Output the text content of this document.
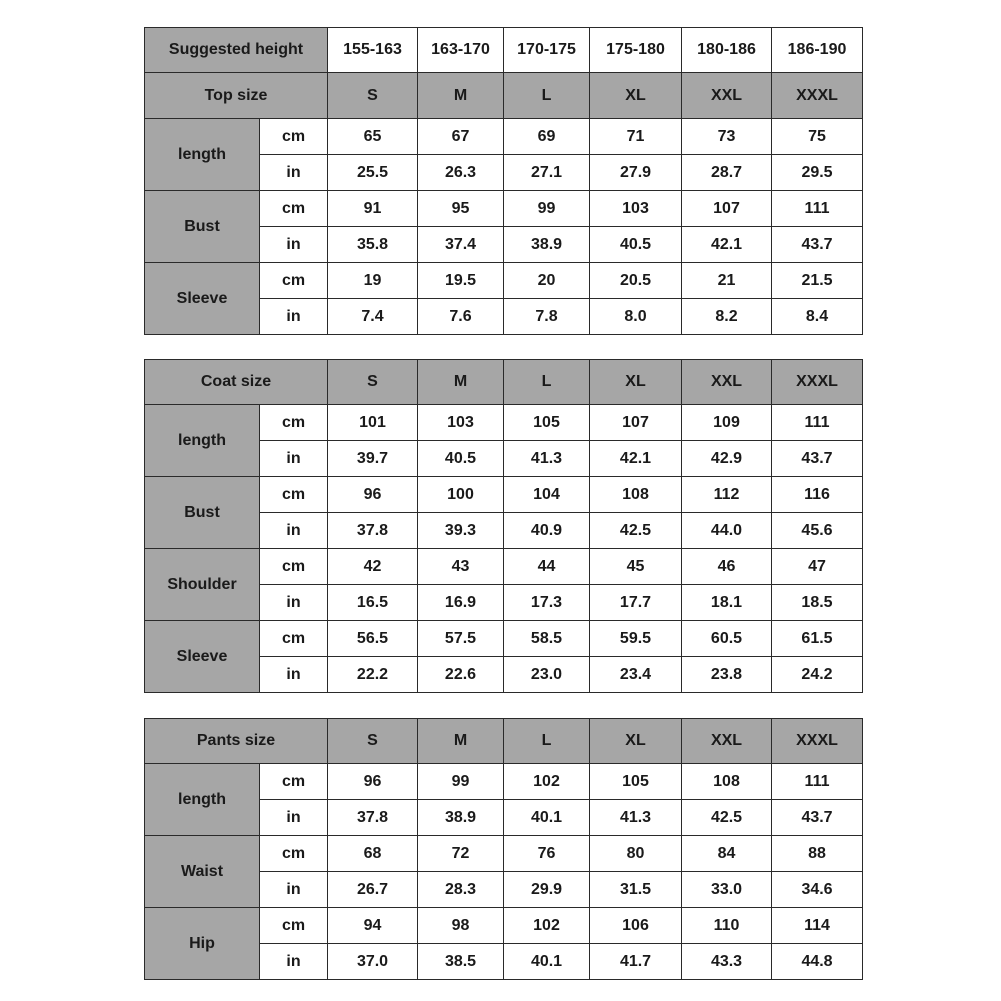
Suggested height		155-163	163-170	170-175	175-180	180-186	186-190
Top size		S	M	L	XL	XXL	XXXL
length	cm	65	67	69	71	73	75
	in	25.5	26.3	27.1	27.9	28.7	29.5
Bust	cm	91	95	99	103	107	111
	in	35.8	37.4	38.9	40.5	42.1	43.7
Sleeve	cm	19	19.5	20	20.5	21	21.5
	in	7.4	7.6	7.8	8.0	8.2	8.4
Coat size		S	M	L	XL	XXL	XXXL
length	cm	101	103	105	107	109	111
	in	39.7	40.5	41.3	42.1	42.9	43.7
Bust	cm	96	100	104	108	112	116
	in	37.8	39.3	40.9	42.5	44.0	45.6
Shoulder	cm	42	43	44	45	46	47
	in	16.5	16.9	17.3	17.7	18.1	18.5
Sleeve	cm	56.5	57.5	58.5	59.5	60.5	61.5
	in	22.2	22.6	23.0	23.4	23.8	24.2
Pants size		S	M	L	XL	XXL	XXXL
length	cm	96	99	102	105	108	111
	in	37.8	38.9	40.1	41.3	42.5	43.7
Waist	cm	68	72	76	80	84	88
	in	26.7	28.3	29.9	31.5	33.0	34.6
Hip	cm	94	98	102	106	110	114
	in	37.0	38.5	40.1	41.7	43.3	44.8
